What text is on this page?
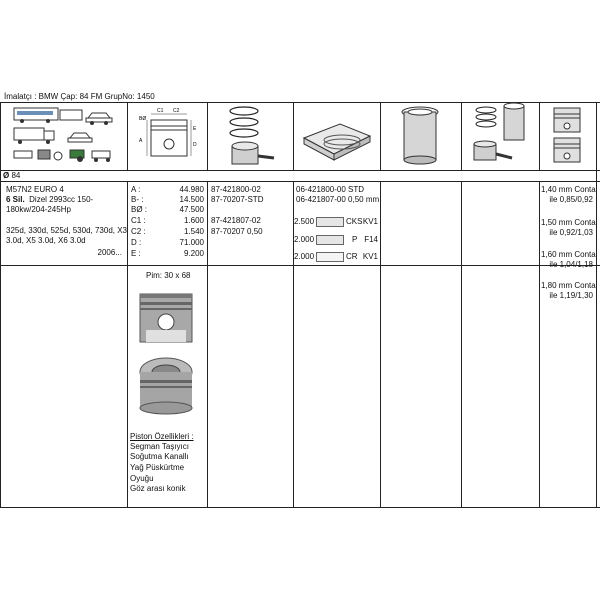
İmalatçı : BMW Çap: 84 FM GrupNo: 1450
BØ
A
E
D
C1 C2
Ø 84
M57N2 EURO 4
6 Sil. Dizel 2993cc 150-
180kw/204-245Hp
325d, 330d, 525d, 530d, 730d, X3
3.0d, X5 3.0d, X6 3.0d
2006...
A :	44.980
B- :	14.500
BØ :	47.500
C1 :	1.600
C2 :	1.540
D :	71.000
E :	9.200
Pim: 30 x 68
Piston Özellikleri :
Segman Taşıyıcı
Soğutma Kanallı
Yağ Püskürtme
Oyuğu
Göz arası konik
87-421800-02
87-70207-STD
87-421807-02
87-70207 0,50
06-421800-00 STD
06-421807-00 0,50 mm
2.500	CKS KV1
2.000	P F14
2.000	CR KV1
1,40 mm Conta
ile 0,85/0,92
1,50 mm Conta
ile 0,92/1,03
1,60 mm Conta
ile 1,04/1,18
1,80 mm Conta
ile 1,19/1,30
